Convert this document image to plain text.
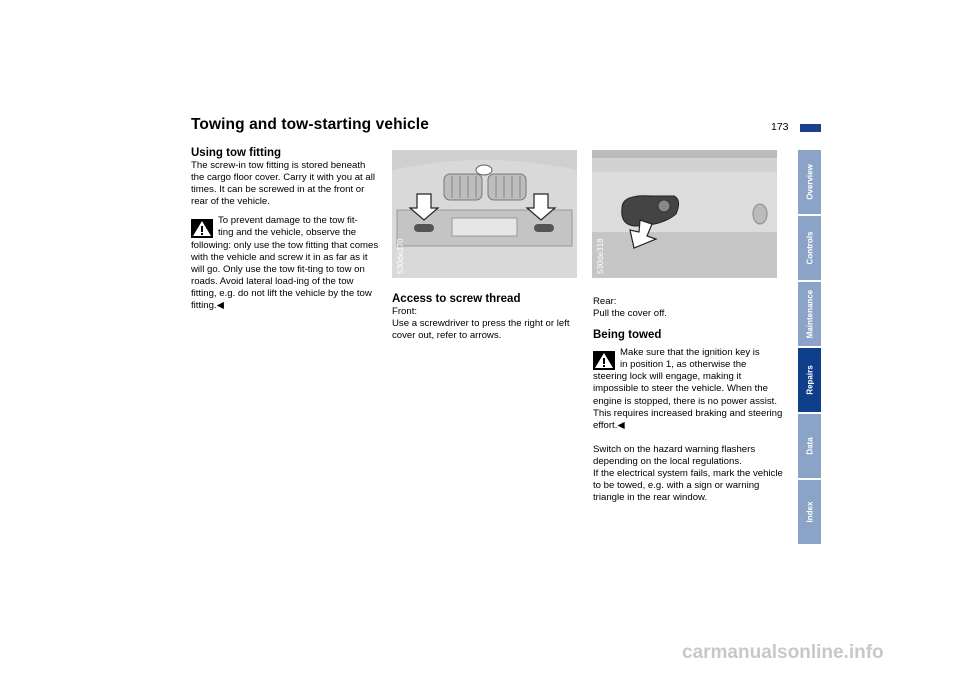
Towing and tow-starting vehicle	173
Using tow fitting
The screw-in tow fitting is stored beneath the cargo floor cover. Carry it with you at all times. It can be screwed in at the front or rear of the vehicle.
To prevent damage to the tow fit-
ting and the vehicle, observe the
following: only use the tow fitting that comes with the vehicle and screw it in as far as it will go. Only use the tow fit-ting to tow on roads. Avoid lateral load-ing of the tow fitting, e.g. do not lift the vehicle by the tow fitting.◀
530de370
Access to screw thread
Front:
Use a screwdriver to press the right or left cover out, refer to arrows.
530de318
Rear:
Pull the cover off.
Being towed
Make sure that the ignition key is
in position 1, as otherwise the
steering lock will engage, making it impossible to steer the vehicle. When the engine is stopped, there is no power assist. This requires increased braking and steering effort.◀
Switch on the hazard warning flashers depending on the local regulations.
If the electrical system fails, mark the vehicle to be towed, e.g. with a sign or warning triangle in the rear window.
Overview
Controls
Maintenance
Repairs
Data
Index
carmanualsonline.info
